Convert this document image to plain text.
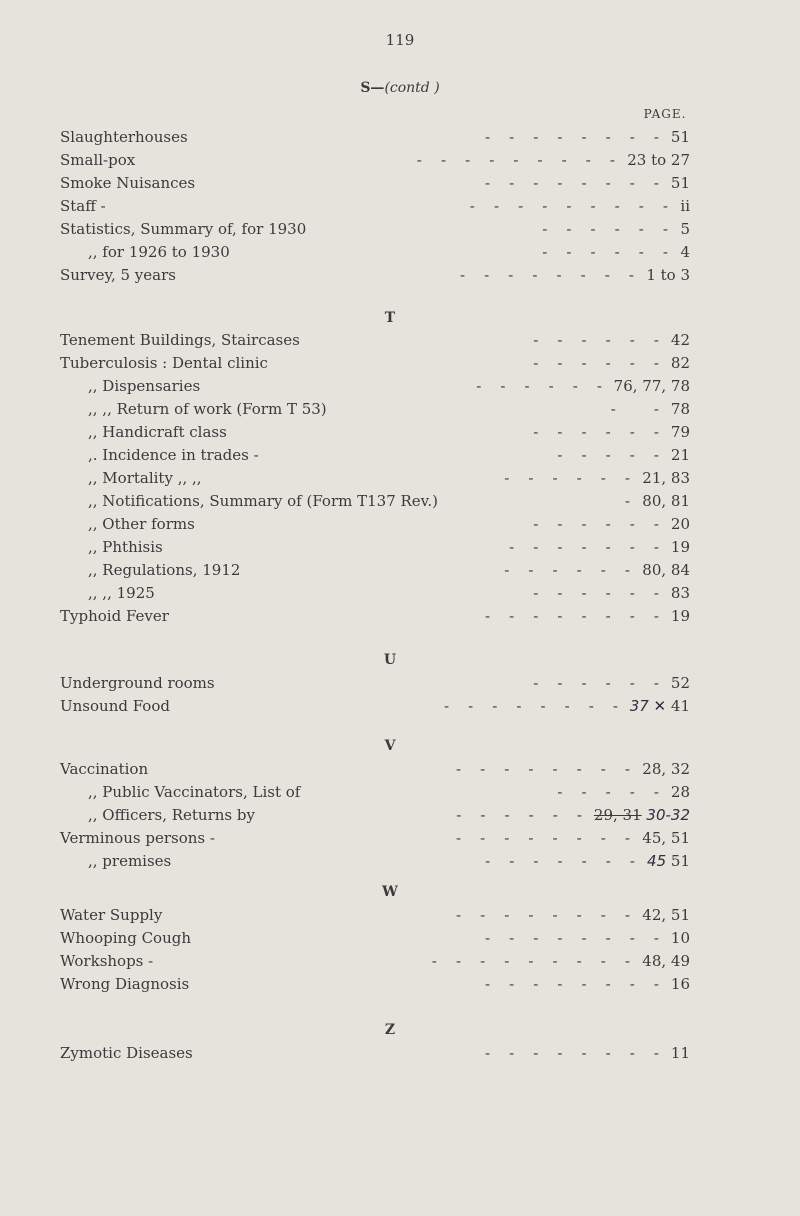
119
S—(contd )
PAGE.
T
U
V
W
Z
Slaughterhouses	-    -    -    -    -    -    -    - 51
Small-pox	-    -    -    -    -    -    -    -    - 23 to 27
Smoke Nuisances	-    -    -    -    -    -    -    - 51
Staff -	-    -    -    -    -    -    -    -    - ii
Statistics, Summary of, for 1930	-    -    -    -    -    - 5
,, for 1926 to 1930	-    -    -    -    -    - 4
Survey, 5 years	-    -    -    -    -    -    -    - 1 to 3
Tenement Buildings, Staircases	-    -    -    -    -    - 42
Tuberculosis : Dental clinic	-    -    -    -    -    - 82
,, Dispensaries	-    -    -    -    -    - 76, 77, 78
,, ,, Return of work (Form T 53)	-        - 78
,, Handicraft class	-    -    -    -    -    - 79
,. Incidence in trades -	-    -    -    -    - 21
,, Mortality ,, ,,	-    -    -    -    -    - 21, 83
,, Notifications, Summary of (Form T137 Rev.)	- 80, 81
,, Other forms	-    -    -    -    -    - 20
,, Phthisis	-    -    -    -    -    -    - 19
,, Regulations, 1912	-    -    -    -    -    - 80, 84
,, ,, 1925	-    -    -    -    -    - 83
Typhoid Fever	-    -    -    -    -    -    -    - 19
Underground rooms	-    -    -    -    -    - 52
Unsound Food	-    -    -    -    -    -    -    - 37 ✕ 41
Vaccination	-    -    -    -    -    -    -    - 28, 32
,, Public Vaccinators, List of	-    -    -    -    - 28
,, Officers, Returns by	-    -    -    -    -    - 29, 31 30-32
Verminous persons -	-    -    -    -    -    -    -    - 45, 51
,, premises	-    -    -    -    -    -    - 45 51
Water Supply	-    -    -    -    -    -    -    - 42, 51
Whooping Cough	-    -    -    -    -    -    -    - 10
Workshops -	-    -    -    -    -    -    -    -    - 48, 49
Wrong Diagnosis	-    -    -    -    -    -    -    - 16
Zymotic Diseases	-    -    -    -    -    -    -    - 11
